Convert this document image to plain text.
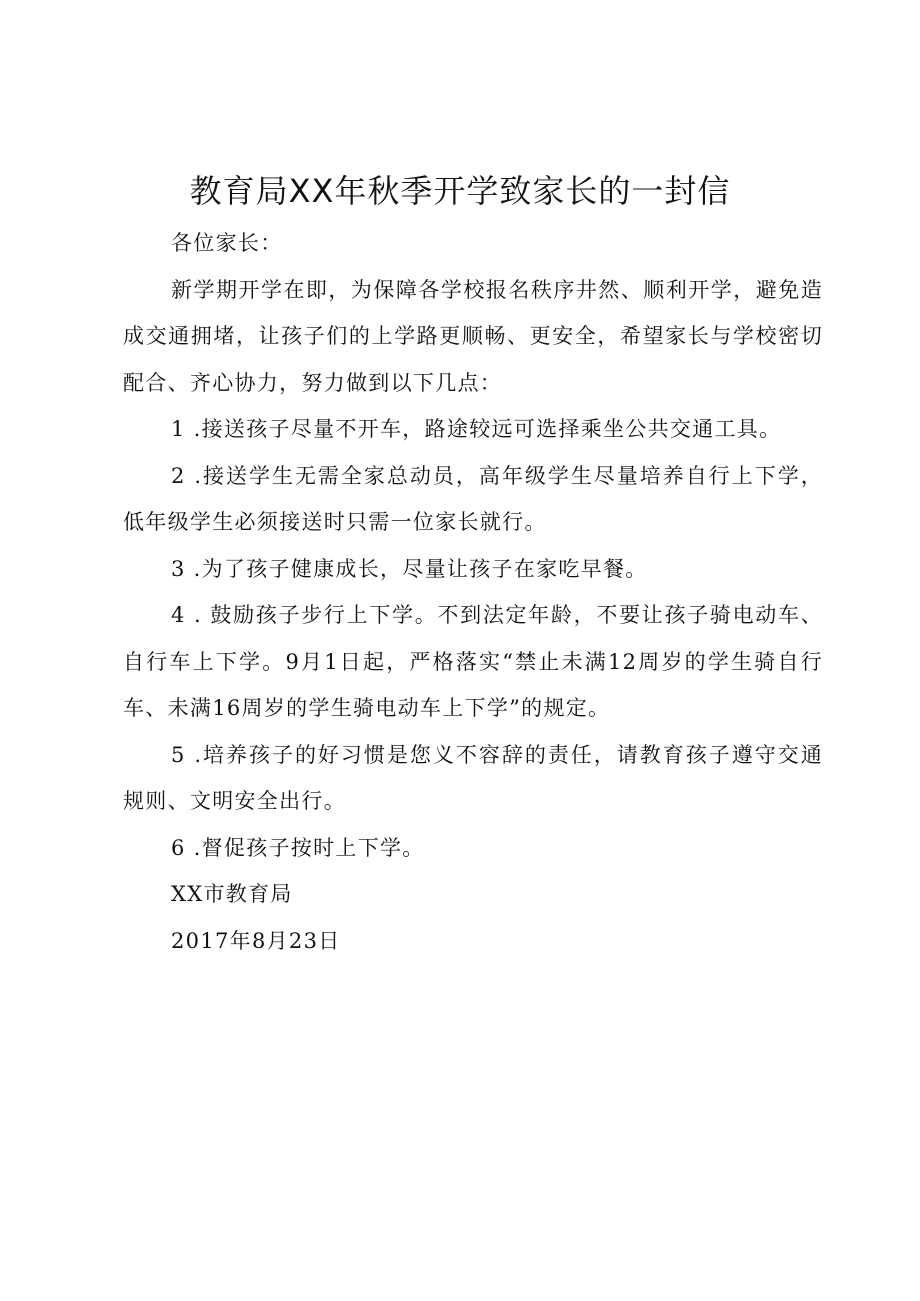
教育局XX年秋季开学致家长的一封信

各位家长：

新学期开学在即，为保障各学校报名秩序井然、顺利开学，避免造成交通拥堵，让孩子们的上学路更顺畅、更安全，希望家长与学校密切配合、齐心协力，努力做到以下几点：

1 .接送孩子尽量不开车，路途较远可选择乘坐公共交通工具。

2 .接送学生无需全家总动员，高年级学生尽量培养自行上下学，低年级学生必须接送时只需一位家长就行。

3 .为了孩子健康成长，尽量让孩子在家吃早餐。

4 . 鼓励孩子步行上下学。不到法定年龄，不要让孩子骑电动车、自行车上下学。9月1日起，严格落实“禁止未满12周岁的学生骑自行车、未满16周岁的学生骑电动车上下学”的规定。

5 .培养孩子的好习惯是您义不容辞的责任，请教育孩子遵守交通规则、文明安全出行。

6 .督促孩子按时上下学。

XX市教育局

2017年8月23日
